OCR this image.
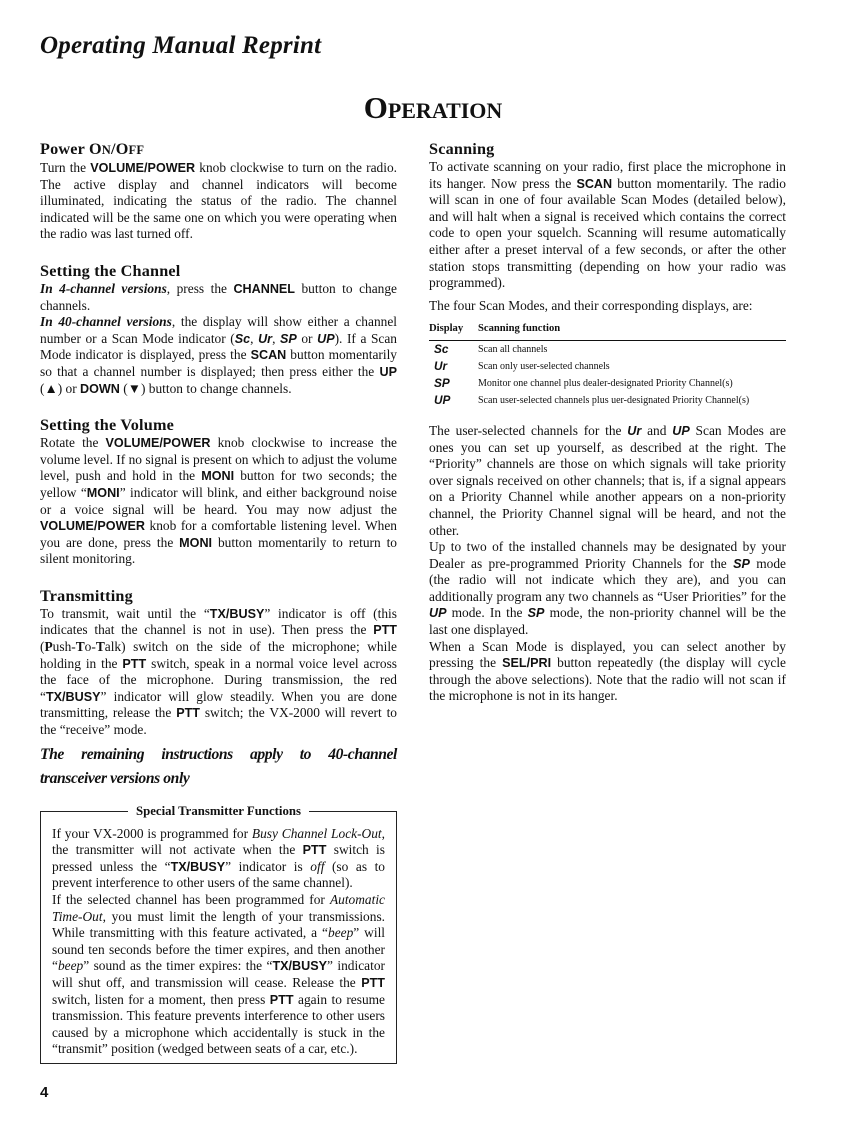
Operating Manual Reprint
OPERATION
Power ON/OFF

Turn the VOLUME/POWER knob clockwise to turn on the radio. The active display and channel indicators will become illuminated, indicating the status of the radio. The channel indicated will be the same one on which you were operating when the radio was last turned off.

Setting the Channel

In 4-channel versions, press the CHANNEL button to change channels.

In 40-channel versions, the display will show either a channel number or a Scan Mode indicator (Sc, Ur, SP or UP). If a Scan Mode indicator is displayed, press the SCAN button momentarily so that a channel number is displayed; then press either the UP (▲) or DOWN (▼) button to change channels.

Setting the Volume

Rotate the VOLUME/POWER knob clockwise to increase the volume level. If no signal is present on which to adjust the volume level, push and hold in the MONI button for two seconds; the yellow “MONI” indicator will blink, and either background noise or a voice signal will be heard. You may now adjust the VOLUME/POWER knob for a comfortable listening level. When you are done, press the MONI button momentarily to return to silent monitoring.

Transmitting

To transmit, wait until the “TX/BUSY” indicator is off (this indicates that the channel is not in use). Then press the PTT (Push-To-Talk) switch on the side of the microphone; while holding in the PTT switch, speak in a normal voice level across the face of the microphone. During transmission, the red “TX/BUSY” indicator will glow steadily. When you are done transmitting, release the PTT switch; the VX-2000 will revert to the “receive” mode.

The remaining instructions apply to 40-channel transceiver versions only
Special Transmitter Functions

If your VX-2000 is programmed for Busy Channel Lock-Out, the transmitter will not activate when the PTT switch is pressed unless the “TX/BUSY” indicator is off (so as to prevent interference to other users of the same channel).

If the selected channel has been programmed for Automatic Time-Out, you must limit the length of your transmissions. While transmitting with this feature activated, a “beep” will sound ten seconds before the timer expires, and then another “beep” sound as the timer expires: the “TX/BUSY” indicator will shut off, and transmission will cease. Release the PTT switch, listen for a moment, then press PTT again to resume transmission. This feature prevents interference to other users caused by a microphone which accidentally is stuck in the “transmit” position (wedged between seats of a car, etc.).

Scanning

To activate scanning on your radio, first place the microphone in its hanger. Now press the SCAN button momentarily. The radio will scan in one of four available Scan Modes (detailed below), and will halt when a signal is received which contains the correct code to open your squelch. Scanning will resume automatically either after a preset interval of a few seconds, or after the other station stops transmitting (depending on how your radio was programmed).

The four Scan Modes, and their corresponding displays, are:

Display	Scanning function
Sc	Scan all channels
Ur	Scan only user-selected channels
SP	Monitor one channel plus dealer-designated Priority Channel(s)
UP	Scan user-selected channels plus uer-designated Priority Channel(s)

The user-selected channels for the Ur and UP Scan Modes are ones you can set up yourself, as described at the right. The “Priority” channels are those on which signals will take priority over signals received on other channels; that is, if a signal appears on a Priority Channel while another appears on a non-priority channel, the Priority Channel signal will be heard, and not the other.

Up to two of the installed channels may be designated by your Dealer as pre-programmed Priority Channels for the SP mode (the radio will not indicate which they are), and you can additionally program any two channels as “User Priorities” for the UP mode. In the SP mode, the non-priority channel will be the last one displayed.

When a Scan Mode is displayed, you can select another by pressing the SEL/PRI button repeatedly (the display will cycle through the above selections). Note that the radio will not scan if the microphone is not in its hanger.

4
